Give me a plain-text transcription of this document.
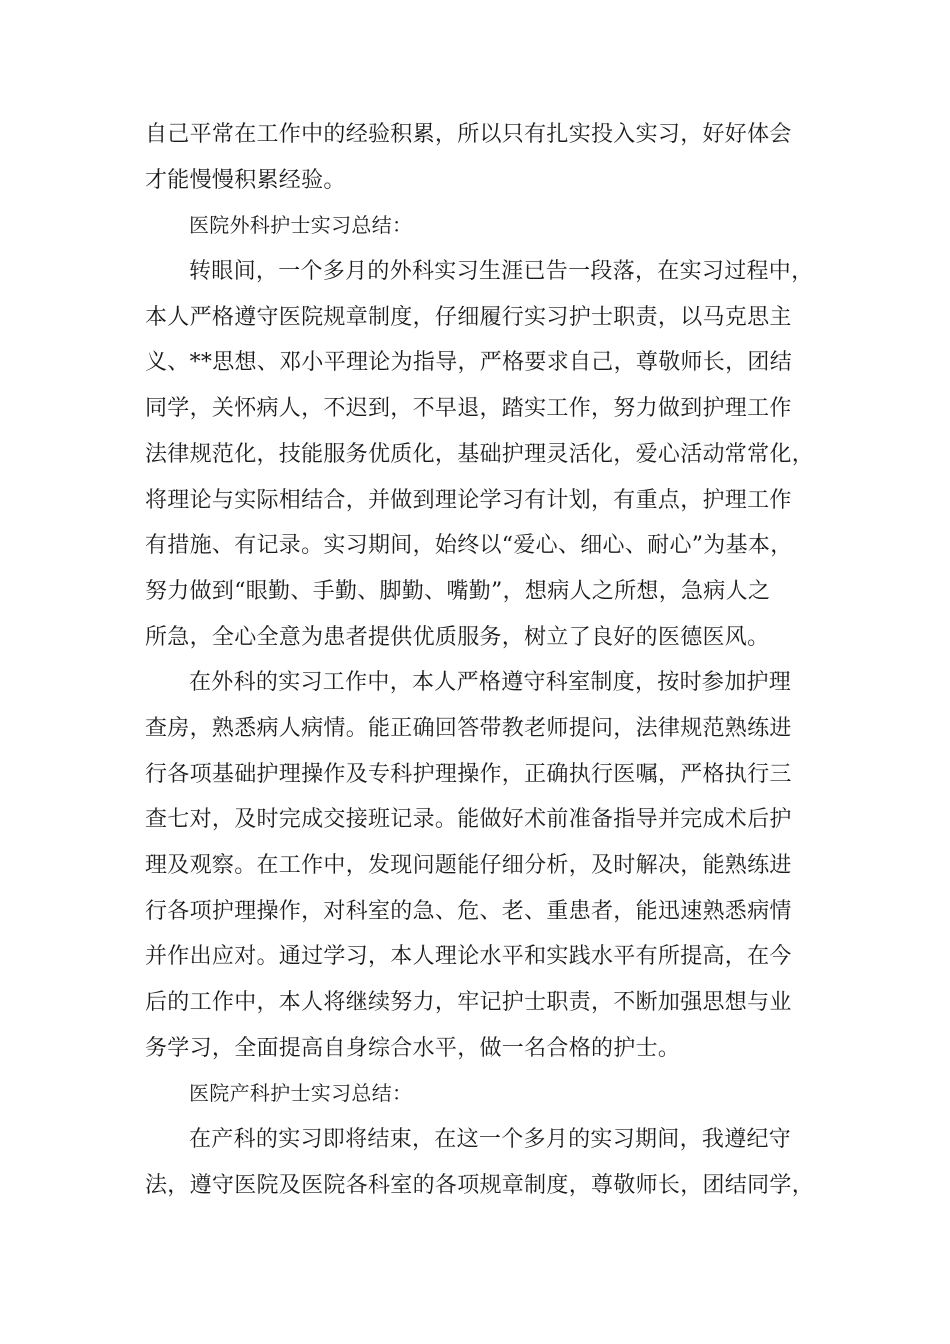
自己平常在工作中的经验积累，所以只有扎实投入实习，好好体会
才能慢慢积累经验。
医院外科护士实习总结：
转眼间，一个多月的外科实习生涯已告一段落，在实习过程中，
本人严格遵守医院规章制度，仔细履行实习护士职责，以马克思主
义、**思想、邓小平理论为指导，严格要求自己，尊敬师长，团结
同学，关怀病人，不迟到，不早退，踏实工作，努力做到护理工作
法律规范化，技能服务优质化，基础护理灵活化，爱心活动常常化，
将理论与实际相结合，并做到理论学习有计划，有重点，护理工作
有措施、有记录。实习期间，始终以“爱心、细心、耐心”为基本，
努力做到“眼勤、手勤、脚勤、嘴勤”，想病人之所想，急病人之
所急，全心全意为患者提供优质服务，树立了良好的医德医风。
在外科的实习工作中，本人严格遵守科室制度，按时参加护理
查房，熟悉病人病情。能正确回答带教老师提问，法律规范熟练进
行各项基础护理操作及专科护理操作，正确执行医嘱，严格执行三
查七对，及时完成交接班记录。能做好术前准备指导并完成术后护
理及观察。在工作中，发现问题能仔细分析，及时解决，能熟练进
行各项护理操作，对科室的急、危、老、重患者，能迅速熟悉病情
并作出应对。通过学习，本人理论水平和实践水平有所提高，在今
后的工作中，本人将继续努力，牢记护士职责，不断加强思想与业
务学习，全面提高自身综合水平，做一名合格的护士。
医院产科护士实习总结：
在产科的实习即将结束，在这一个多月的实习期间，我遵纪守
法，遵守医院及医院各科室的各项规章制度，尊敬师长，团结同学，
